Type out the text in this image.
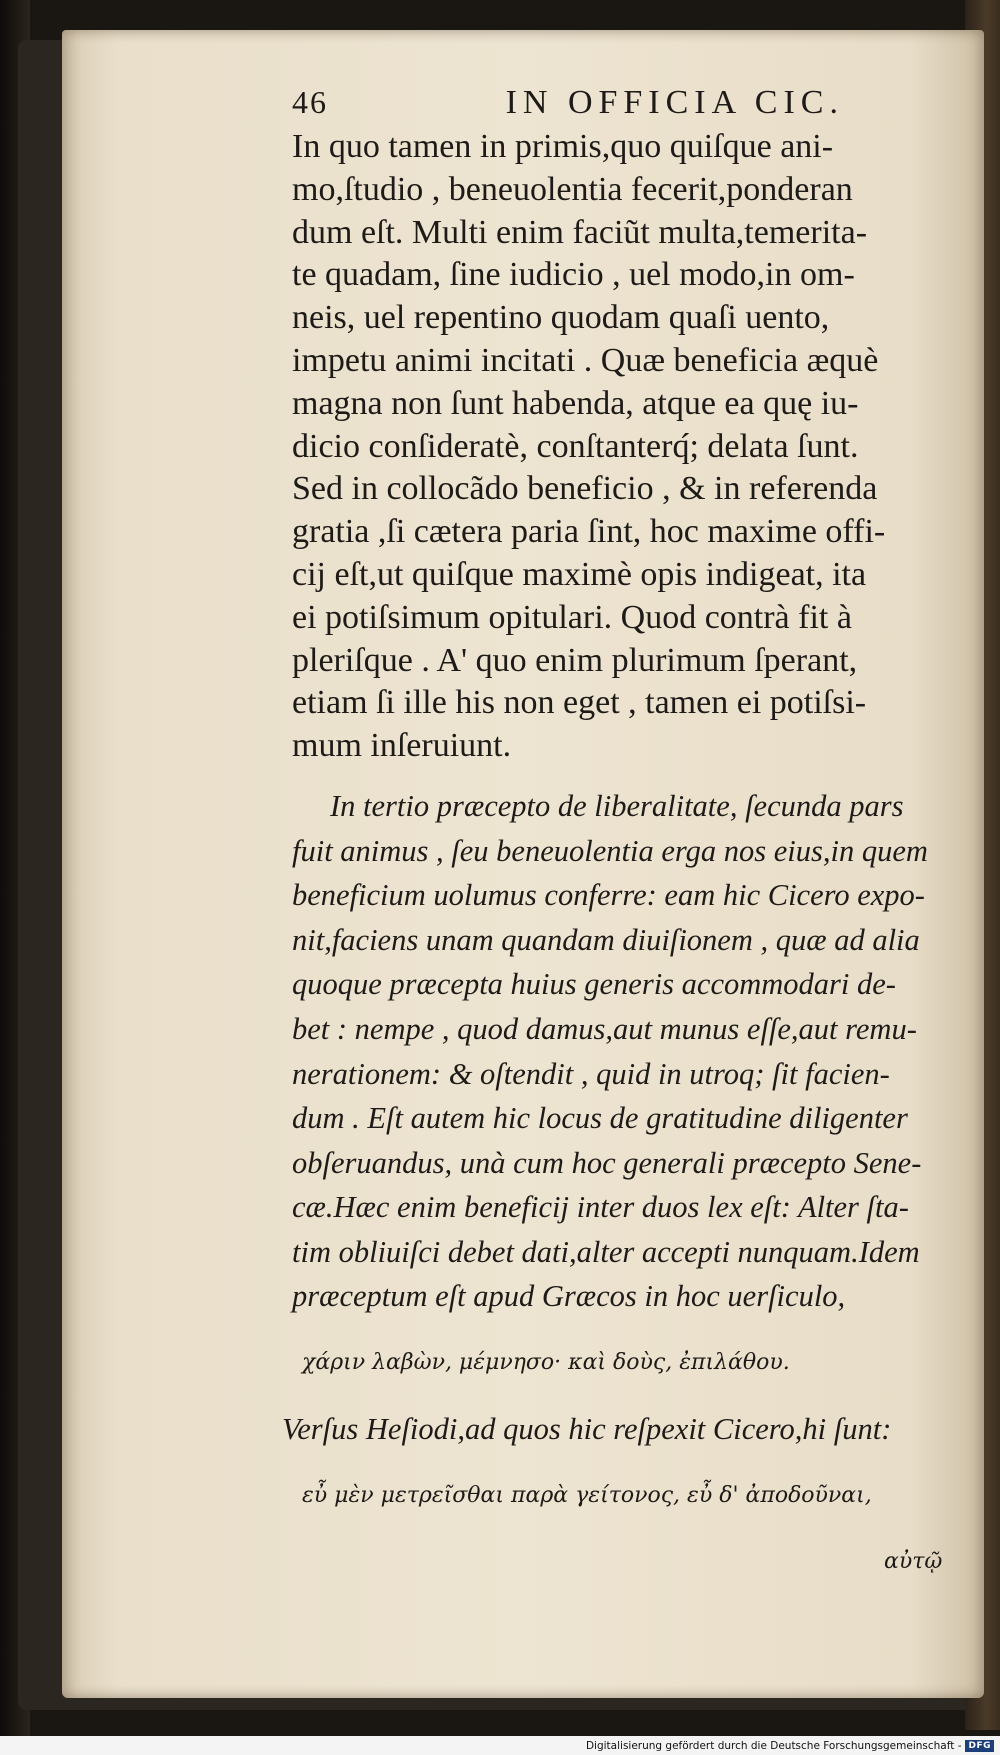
46	IN OFFICIA CIC.

In quo tamen in primis,quo quiſque ani‑

mo,ſtudio , beneuolentia fecerit,ponderan

dum eſt. Multi enim faciũt multa,temerita‑

te quadam, ſine iudicio , uel modo,in om‑

neis, uel repentino quodam quaſi uento,

impetu animi incitati . Quæ beneficia æquè

magna non ſunt habenda, atque ea quę iu‑

dicio conſideratè, conſtanterq́; delata ſunt.

Sed in collocãdo beneficio , & in referenda

gratia ,ſi cætera paria ſint, hoc maxime offi‑

cij eſt,ut quiſque maximè opis indigeat, ita

ei potiſsimum opitulari. Quod contrà fit à

pleriſque . A' quo enim plurimum ſperant,

etiam ſi ille his non eget , tamen ei potiſsi‑

mum inſeruiunt.

In tertio præcepto de liberalitate, ſecunda pars

fuit animus , ſeu beneuolentia erga nos eius,in quem

beneficium uolumus conferre: eam hic Cicero expo‑

nit,faciens unam quandam diuiſionem , quæ ad alia

quoque præcepta huius generis accommodari de‑

bet : nempe , quod damus,aut munus eſſe,aut remu‑

nerationem: & oſtendit , quid in utroq; ſit facien‑

dum . Eſt autem hic locus de gratitudine diligenter

obſeruandus, unà cum hoc generali præcepto Sene‑

cæ.Hæc enim beneficij inter duos lex eſt: Alter ſta‑

tim obliuiſci debet dati,alter accepti nunquam.Idem

præceptum eſt apud Græcos in hoc uerſiculo,

χάριν λαβὼν, μέμνησο· καὶ δοὺς, ἐπιλάθου.

Verſus Heſiodi,ad quos hic reſpexit Cicero,hi ſunt:

εὖ μὲν μετρεῖσθαι παρὰ γείτονος, εὖ δ' ἀποδοῦναι,

αὐτῷ

Digitalisierung gefördert durch die Deutsche Forschungsgemeinschaft - DFG
